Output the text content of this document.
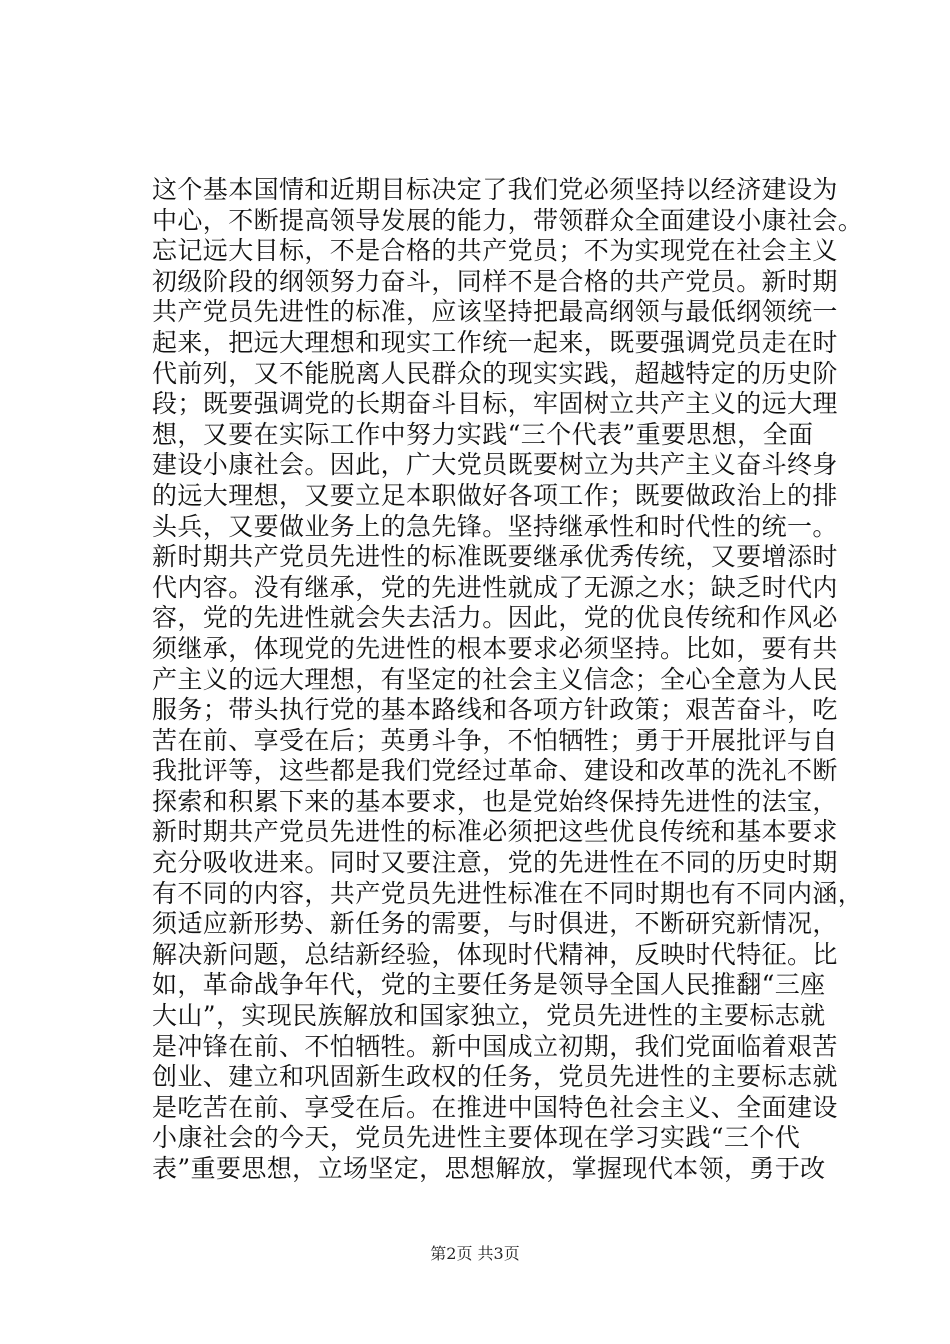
这个基本国情和近期目标决定了我们党必须坚持以经济建设为
中心，不断提高领导发展的能力，带领群众全面建设小康社会。
忘记远大目标，不是合格的共产党员；不为实现党在社会主义
初级阶段的纲领努力奋斗，同样不是合格的共产党员。新时期
共产党员先进性的标准，应该坚持把最高纲领与最低纲领统一
起来，把远大理想和现实工作统一起来，既要强调党员走在时
代前列，又不能脱离人民群众的现实实践，超越特定的历史阶
段；既要强调党的长期奋斗目标，牢固树立共产主义的远大理
想，又要在实际工作中努力实践“三个代表”重要思想，全面
建设小康社会。因此，广大党员既要树立为共产主义奋斗终身
的远大理想，又要立足本职做好各项工作；既要做政治上的排
头兵，又要做业务上的急先锋。坚持继承性和时代性的统一。
新时期共产党员先进性的标准既要继承优秀传统，又要增添时
代内容。没有继承，党的先进性就成了无源之水；缺乏时代内
容，党的先进性就会失去活力。因此，党的优良传统和作风必
须继承，体现党的先进性的根本要求必须坚持。比如，要有共
产主义的远大理想，有坚定的社会主义信念；全心全意为人民
服务；带头执行党的基本路线和各项方针政策；艰苦奋斗，吃
苦在前、享受在后；英勇斗争，不怕牺牲；勇于开展批评与自
我批评等，这些都是我们党经过革命、建设和改革的洗礼不断
探索和积累下来的基本要求，也是党始终保持先进性的法宝，
新时期共产党员先进性的标准必须把这些优良传统和基本要求
充分吸收进来。同时又要注意，党的先进性在不同的历史时期
有不同的内容，共产党员先进性标准在不同时期也有不同内涵，
须适应新形势、新任务的需要，与时俱进，不断研究新情况，
解决新问题，总结新经验，体现时代精神，反映时代特征。比
如，革命战争年代，党的主要任务是领导全国人民推翻“三座
大山”，实现民族解放和国家独立，党员先进性的主要标志就
是冲锋在前、不怕牺牲。新中国成立初期，我们党面临着艰苦
创业、建立和巩固新生政权的任务，党员先进性的主要标志就
是吃苦在前、享受在后。在推进中国特色社会主义、全面建设
小康社会的今天，党员先进性主要体现在学习实践“三个代
表”重要思想，立场坚定，思想解放，掌握现代本领，勇于改
第2页 共3页
